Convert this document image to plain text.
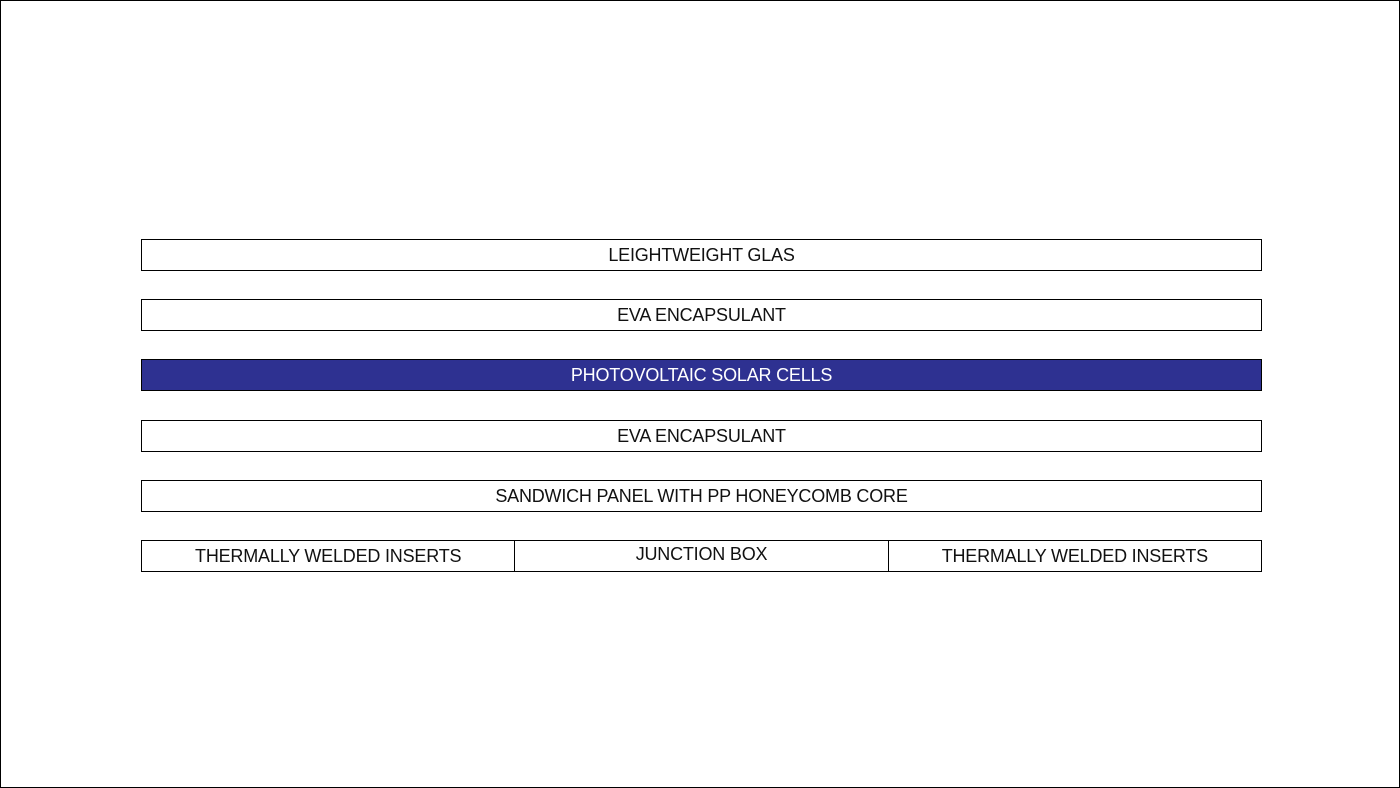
LEIGHTWEIGHT GLAS
EVA ENCAPSULANT
PHOTOVOLTAIC SOLAR CELLS
EVA ENCAPSULANT
SANDWICH PANEL WITH PP HONEYCOMB CORE
THERMALLY WELDED INSERTS	JUNCTION BOX	THERMALLY WELDED INSERTS
